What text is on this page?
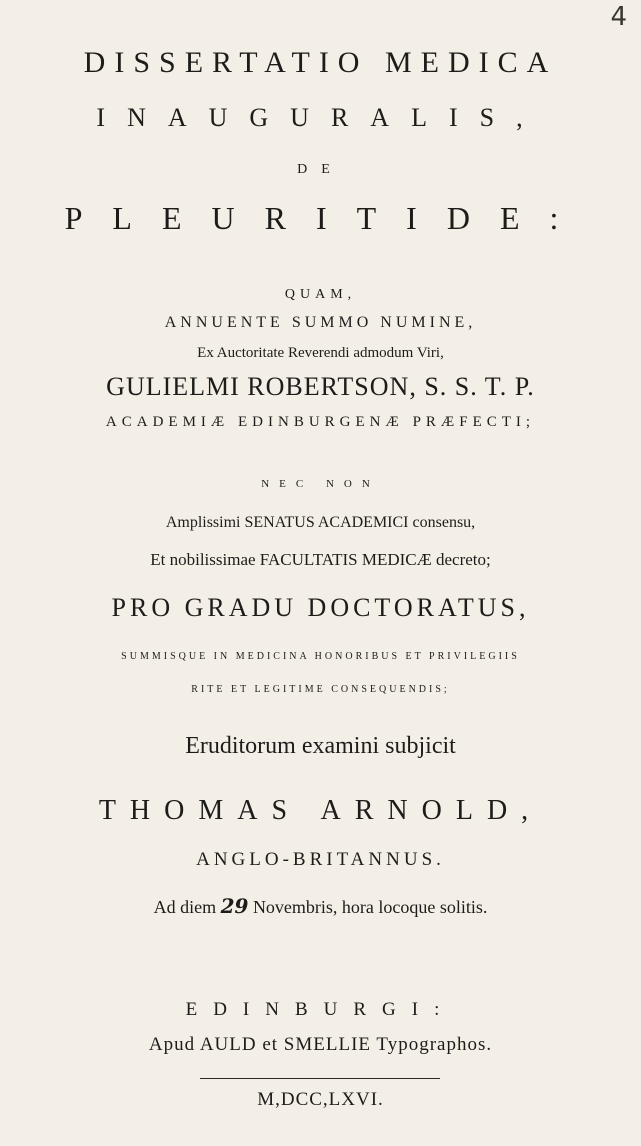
4
DISSERTATIO MEDICA
INAUGURALIS,
DE
PLEURITIDE:
QUAM,
ANNUENTE SUMMO NUMINE,
Ex Auctoritate Reverendi admodum Viri,
GULIELMI ROBERTSON, S. S. T. P.
ACADEMIÆ EDINBURGENÆ PRÆFECTI;
NEC NON
Amplissimi SENATUS ACADEMICI consensu,
Et nobilissimae FACULTATIS MEDICÆ decreto;
PRO GRADU DOCTORATUS,
SUMMISQUE IN MEDICINA HONORIBUS ET PRIVILEGIIS
RITE ET LEGITIME CONSEQUENDIS;
Eruditorum examini subjicit
THOMAS ARNOLD,
ANGLO-BRITANNUS.
Ad diem 29 Novembris, hora locoque solitis.
EDINBURGI:
Apud AULD et SMELLIE Typographos.
M,DCC,LXVI.
